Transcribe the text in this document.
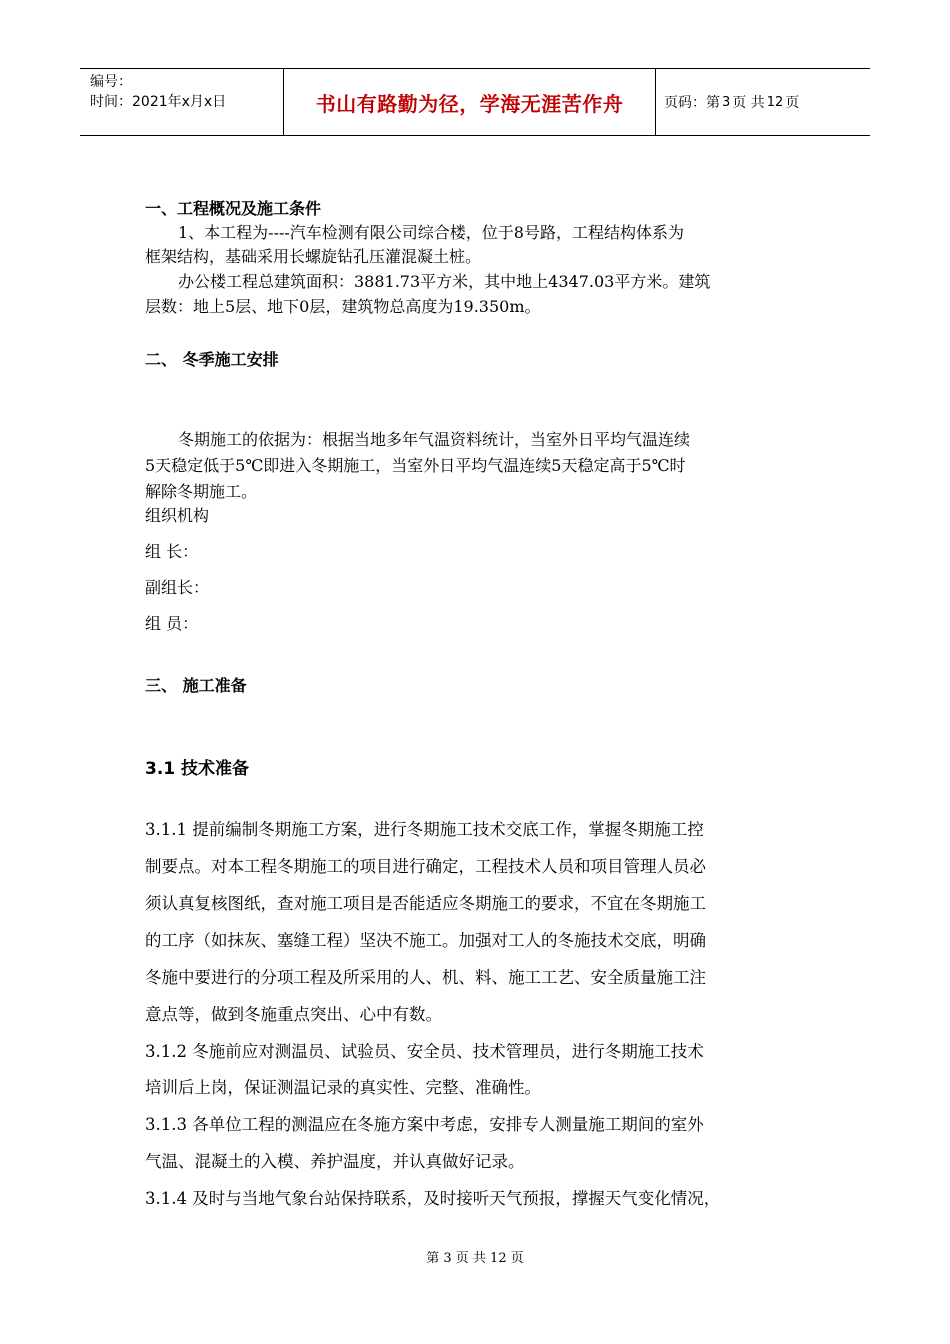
编号：
时间：2021年x月x日	书山有路勤为径，学海无涯苦作舟	页码：第 3 页 共 12 页
一、工程概况及施工条件
1、本工程为----汽车检测有限公司综合楼，位于8号路，工程结构体系为
框架结构，基础采用长螺旋钻孔压灌混凝土桩。
办公楼工程总建筑面积：3881.73平方米，其中地上4347.03平方米。建筑
层数：地上5层、地下0层，建筑物总高度为19.350m。
二、 冬季施工安排
冬期施工的依据为：根据当地多年气温资料统计，当室外日平均气温连续
5天稳定低于5℃即进入冬期施工，当室外日平均气温连续5天稳定高于5℃时
解除冬期施工。
组织机构
组 长：
副组长：
组 员：
三、 施工准备
3.1 技术准备
3.1.1 提前编制冬期施工方案，进行冬期施工技术交底工作，掌握冬期施工控
制要点。对本工程冬期施工的项目进行确定，工程技术人员和项目管理人员必
须认真复核图纸，查对施工项目是否能适应冬期施工的要求，不宜在冬期施工
的工序（如抹灰、塞缝工程）坚决不施工。加强对工人的冬施技术交底，明确
冬施中要进行的分项工程及所采用的人、机、料、施工工艺、安全质量施工注
意点等，做到冬施重点突出、心中有数。
3.1.2 冬施前应对测温员、试验员、安全员、技术管理员，进行冬期施工技术
培训后上岗，保证测温记录的真实性、完整、准确性。
3.1.3 各单位工程的测温应在冬施方案中考虑，安排专人测量施工期间的室外
气温、混凝土的入模、养护温度，并认真做好记录。
3.1.4 及时与当地气象台站保持联系，及时接听天气预报，撑握天气变化情况，
第 3 页 共 12 页
